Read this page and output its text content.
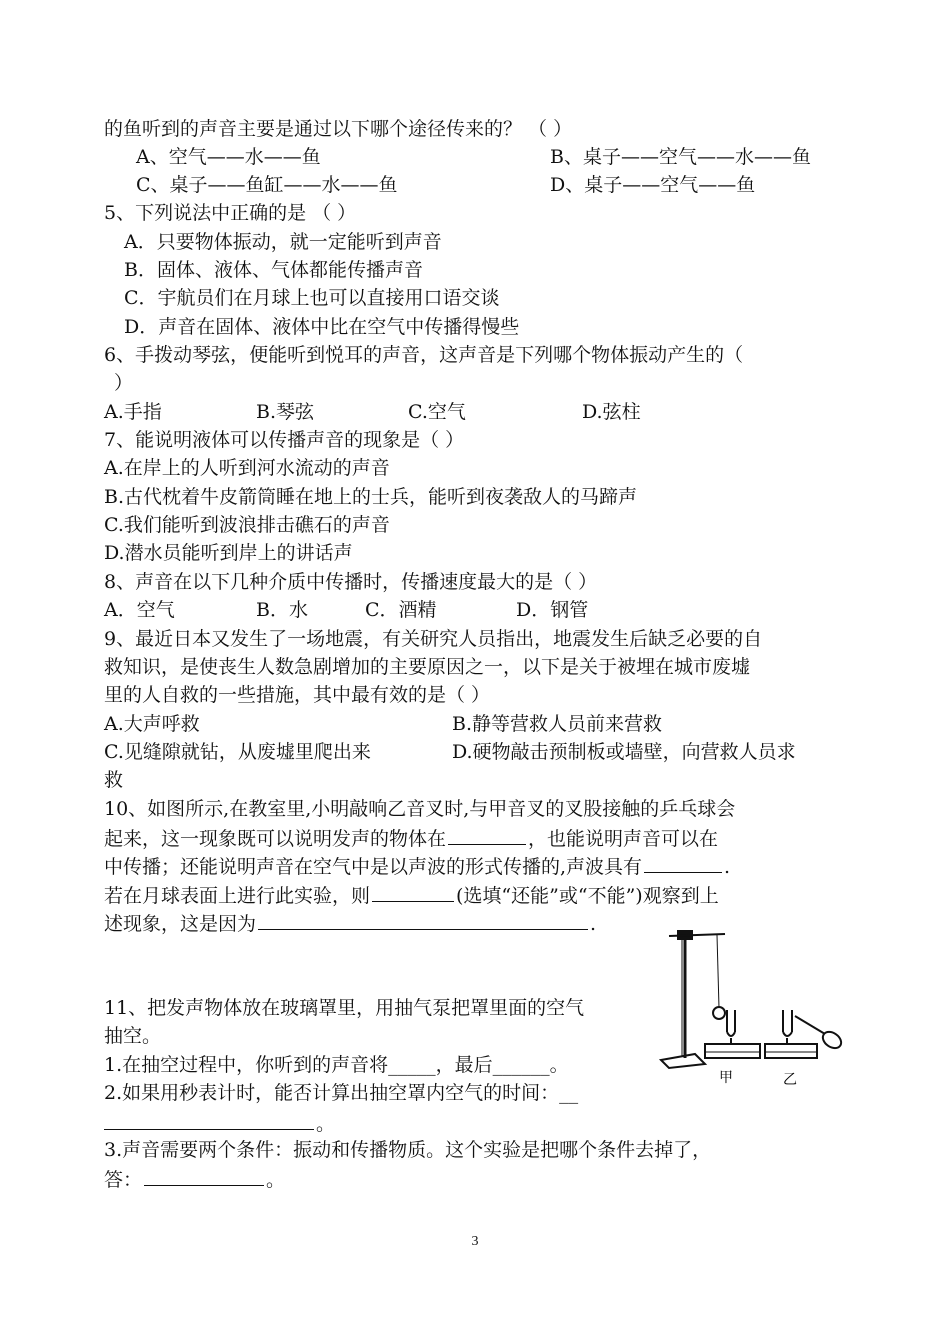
的鱼听到的声音主要是通过以下哪个途径传来的？ （ ）
A、空气——水——鱼	B、桌子——空气——水——鱼
C、桌子——鱼缸——水——鱼	D、桌子——空气——鱼
5、下列说法中正确的是 （ ）
A．只要物体振动，就一定能听到声音
B．固体、液体、气体都能传播声音
C．宇航员们在月球上也可以直接用口语交谈
D．声音在固体、液体中比在空气中传播得慢些
6、手拨动琴弦，便能听到悦耳的声音，这声音是下列哪个物体振动产生的（
）
A.手指	B.琴弦	C.空气	D.弦柱
7、能说明液体可以传播声音的现象是（ ）
A.在岸上的人听到河水流动的声音
B.古代枕着牛皮箭筒睡在地上的士兵，能听到夜袭敌人的马蹄声
C.我们能听到波浪排击礁石的声音
D.潜水员能听到岸上的讲话声
8、声音在以下几种介质中传播时，传播速度最大的是（ ）
A．空气	B．水	C．酒精	D．钢管
9、最近日本又发生了一场地震，有关研究人员指出，地震发生后缺乏必要的自
救知识，是使丧生人数急剧增加的主要原因之一，以下是关于被埋在城市废墟
里的人自救的一些措施，其中最有效的是（ ）
A.大声呼救	B.静等营救人员前来营救
C.见缝隙就钻，从废墟里爬出来	D.硬物敲击预制板或墙壁，向营救人员求
救
10、如图所示,在教室里,小明敲响乙音叉时,与甲音叉的叉股接触的乒乓球会
起来，这一现象既可以说明发声的物体在	，也能说明声音可以在
中传播；还能说明声音在空气中是以声波的形式传播的,声波具有	.
若在月球表面上进行此实验，则	(选填“还能”或“不能”)观察到上
述现象，这是因为	.
11、把发声物体放在玻璃罩里，用抽气泵把罩里面的空气
抽空。
1.在抽空过程中，你听到的声音将_____，最后______。
2.如果用秒表计时，能否计算出抽空罩内空气的时间：__
。
3.声音需要两个条件：振动和传播物质。这个实验是把哪个条件去掉了，
答：	。
甲	乙
3
